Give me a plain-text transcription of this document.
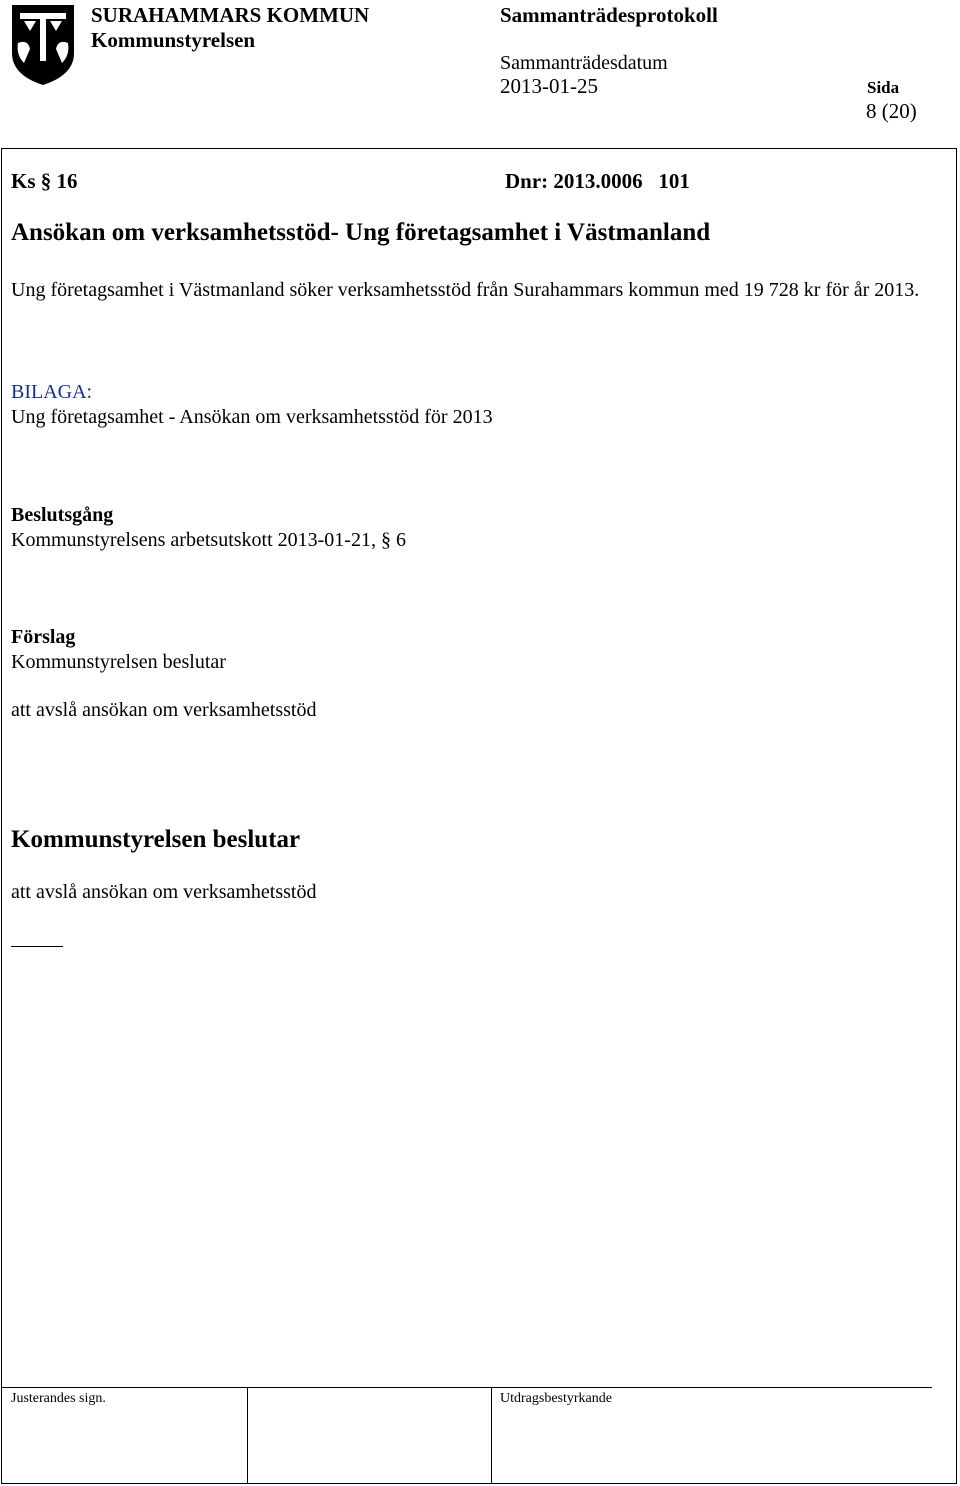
SURAHAMMARS KOMMUN
Kommunstyrelsen
Sammanträdesprotokoll
Sammanträdesdatum
2013-01-25	Sida
8 (20)
Ks § 16	Dnr: 2013.0006   101
Ansökan om verksamhetsstöd- Ung företagsamhet i Västmanland
Ung företagsamhet i Västmanland söker verksamhetsstöd från Surahammars kommun med 19 728 kr för år 2013.
BILAGA:
Ung företagsamhet - Ansökan om verksamhetsstöd för 2013
Beslutsgång
Kommunstyrelsens arbetsutskott 2013-01-21, § 6
Förslag
Kommunstyrelsen beslutar
att avslå ansökan om verksamhetsstöd
Kommunstyrelsen beslutar
att avslå ansökan om verksamhetsstöd
Justerandes sign.	Utdragsbestyrkande
